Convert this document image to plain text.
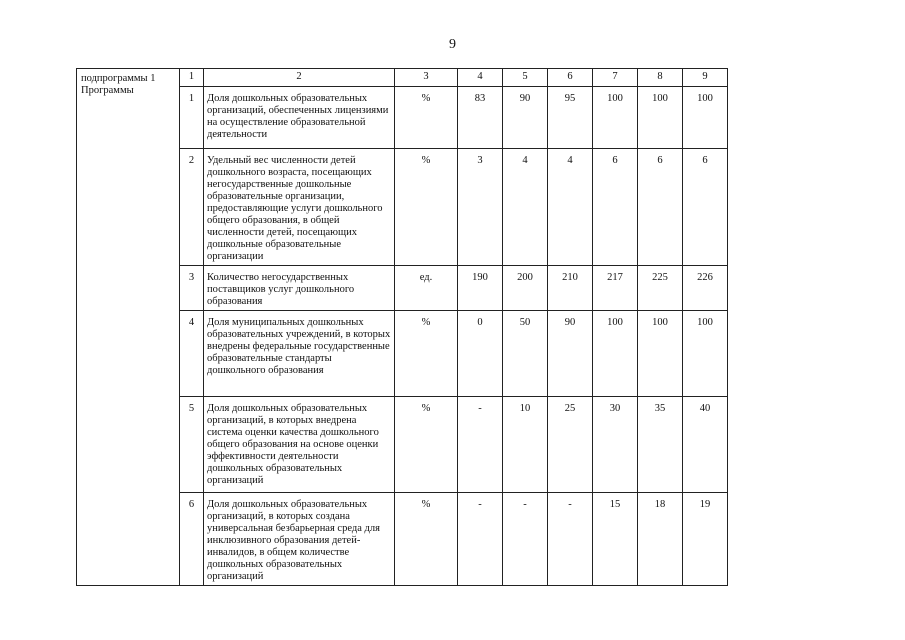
9
подпрограммы 1 Программы	1	2	3	4	5	6	7	8	9
	1	Доля дошкольных образовательных организаций, обеспеченных лицензиями на осуществление образовательной деятельности	%	83	90	95	100	100	100
	2	Удельный вес численности детей дошкольного возраста, посещающих негосударственные дошкольные образовательные организации, предоставляющие услуги дошкольного общего образования, в общей численности детей, посещающих дошкольные образовательные организации	%	3	4	4	6	6	6
	3	Количество негосударственных поставщиков услуг дошкольного образования	ед.	190	200	210	217	225	226
	4	Доля муниципальных дошкольных образовательных учреждений, в которых внедрены федеральные государственные образовательные стандарты дошкольного образования	%	0	50	90	100	100	100
	5	Доля дошкольных образовательных организаций, в которых внедрена система оценки качества дошкольного общего образования на основе оценки эффективности деятельности дошкольных образовательных организаций	%	-	10	25	30	35	40
	6	Доля дошкольных образовательных организаций, в которых создана универсальная безбарьерная среда для инклюзивного образования детей-инвалидов, в общем количестве дошкольных образовательных организаций	%	-	-	-	15	18	19
